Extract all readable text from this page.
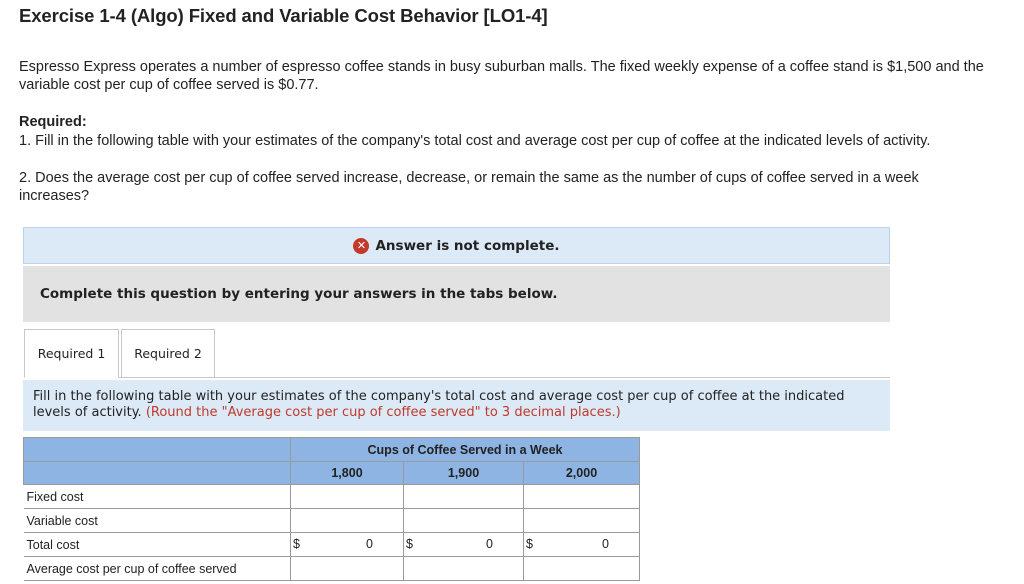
Exercise 1-4 (Algo) Fixed and Variable Cost Behavior [LO1-4]
Espresso Express operates a number of espresso coffee stands in busy suburban malls. The fixed weekly expense of a coffee stand is $1,500 and the variable cost per cup of coffee served is $0.77.
Required:
1. Fill in the following table with your estimates of the company's total cost and average cost per cup of coffee at the indicated levels of activity.
2. Does the average cost per cup of coffee served increase, decrease, or remain the same as the number of cups of coffee served in a week increases?
✕ Answer is not complete.
Complete this question by entering your answers in the tabs below.
Required 1	Required 2
Fill in the following table with your estimates of the company's total cost and average cost per cup of coffee at the indicated levels of activity. (Round the "Average cost per cup of coffee served" to 3 decimal places.)
	Cups of Coffee Served in a Week		
	1,800	1,900	2,000
Fixed cost			
Variable cost			
Total cost	$ 0	$ 0	$ 0

Average cost per cup of coffee served			
